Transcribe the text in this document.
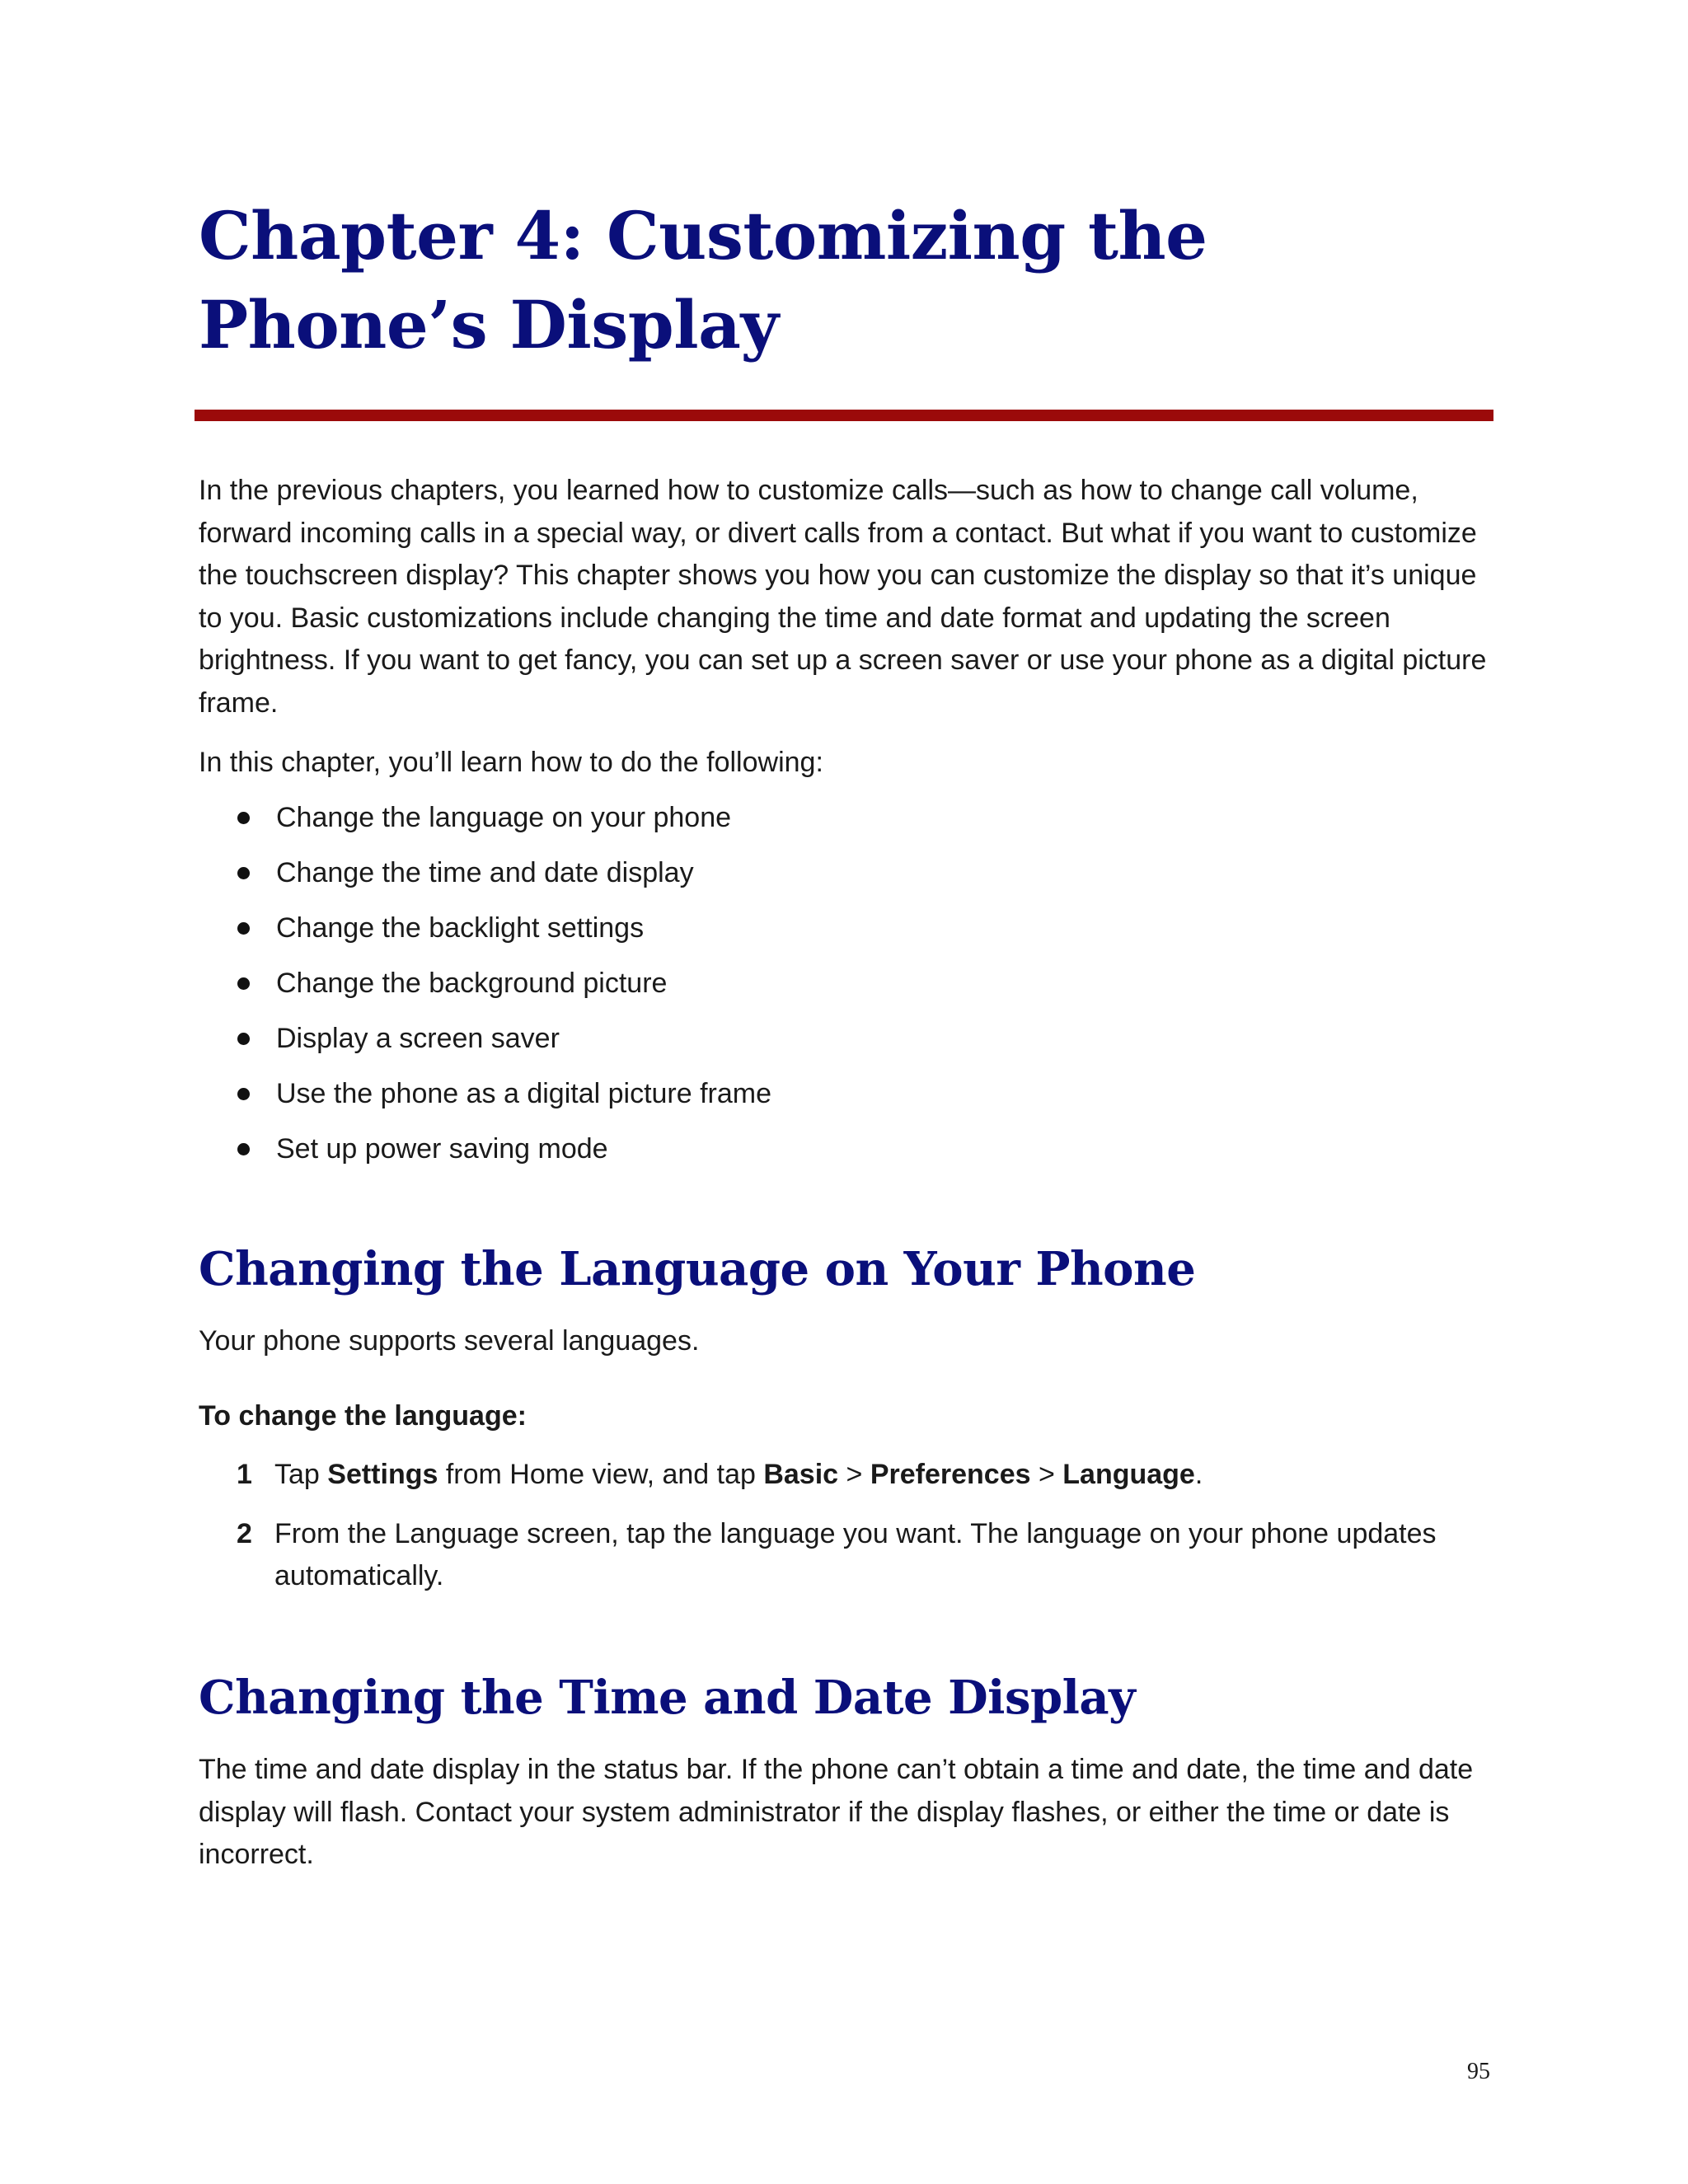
Chapter 4: Customizing the Phone’s Display

In the previous chapters, you learned how to customize calls—such as how to change call volume, forward incoming calls in a special way, or divert calls from a contact. But what if you want to customize the touchscreen display? This chapter shows you how you can customize the display so that it’s unique to you. Basic customizations include changing the time and date format and updating the screen brightness. If you want to get fancy, you can set up a screen saver or use your phone as a digital picture frame.

In this chapter, you’ll learn how to do the following:

Change the language on your phone
Change the time and date display
Change the backlight settings
Change the background picture
Display a screen saver
Use the phone as a digital picture frame
Set up power saving mode
Changing the Language on Your Phone

Your phone supports several languages.

To change the language:

1 Tap Settings from Home view, and tap Basic > Preferences > Language.
2 From the Language screen, tap the language you want. The language on your phone updates automatically.
Changing the Time and Date Display

The time and date display in the status bar. If the phone can’t obtain a time and date, the time and date display will flash. Contact your system administrator if the display flashes, or either the time or date is incorrect.

95
